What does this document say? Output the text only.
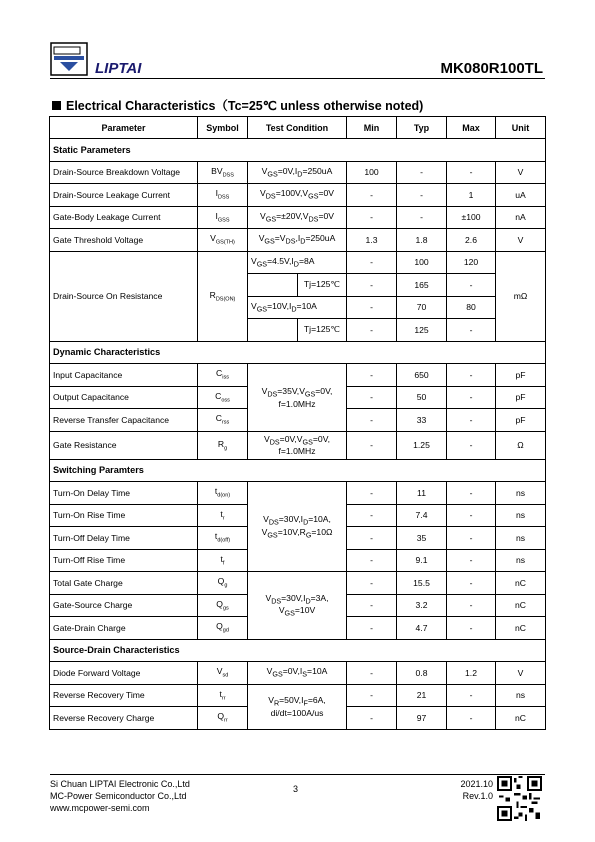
LIPTAI	MK080R100TL
Electrical Characteristics（Tc=25℃ unless otherwise noted)
Parameter	Symbol	Test Condition		Min	Typ	Max	Unit
Static Parameters							
Drain-Source Breakdown Voltage	$BV_{DSS}$	$V_{GS}=0V,I_D=250uA$		100	-	-	V
Drain-Source Leakage Current	$I_{DSS}$	$V_{DS}=100V,V_{GS}=0V$		-	-	1	uA
Gate-Body Leakage Current	$I_{GSS}$	$V_{GS}=\pm 20V,V_{DS}=0V$		-	-	±100	nA
Gate Threshold Voltage	$V_{GS(TH)}$	$V_{GS}=V_{DS},I_D=250uA$		1.3	1.8	2.6	V
Drain-Source On Resistance	$R_{DS(ON)}$	$V_{GS}=4.5V,I_D=8A$		-	100	120	mΩ
			Tj=125℃	-	165	-	
		$V_{GS}=10V,I_D=10A$		-	70	80	
			Tj=125℃	-	125	-	
Dynamic Characteristics							
Input Capacitance	$C_{iss}$	$V_{DS}=35V,V_{GS}=0V$,
f=1.0MHz		-	650	-	pF
Output Capacitance	$C_{oss}$			-	50	-	pF
Reverse Transfer Capacitance	$C_{rss}$			-	33	-	pF
Gate Resistance	$R_g$	$V_{DS}=0V,V_{GS}=0V$,
f=1.0MHz		-	1.25	-	Ω
Switching Paramters							
Turn-On Delay Time	$t_{d(on)}$	$V_{DS}=30V,I_D=10A$,
$V_{GS}=10V,R_G=10\Omega$		-	11	-	ns
Turn-On Rise Time	$t_r$			-	7.4	-	ns
Turn-Off Delay Time	$t_{d(off)}$			-	35	-	ns
Turn-Off Rise Time	$t_f$			-	9.1	-	ns
Total Gate Charge	$Q_g$	$V_{DS}=30V,I_D=3A$,
$V_{GS}=10V$		-	15.5	-	nC
Gate-Source Charge	$Q_{gs}$			-	3.2	-	nC
Gate-Drain Charge	$Q_{gd}$			-	4.7	-	nC
Source-Drain Characteristics							
Diode Forward Voltage	$V_{sd}$	$V_{GS}=0V,I_S=10A$		-	0.8	1.2	V
Reverse Recovery Time	$t_{rr}$	$V_R=50V,I_F=6A$,
di/dt=100A/us		-	21	-	ns
Reverse Recovery Charge	$Q_{rr}$			-	97	-	nC
Si Chuan LIPTAI Electronic Co.,Ltd
MC-Power Semiconductor Co.,Ltd
www.mcpower-semi.com
3	2021.10
Rev.1.0
